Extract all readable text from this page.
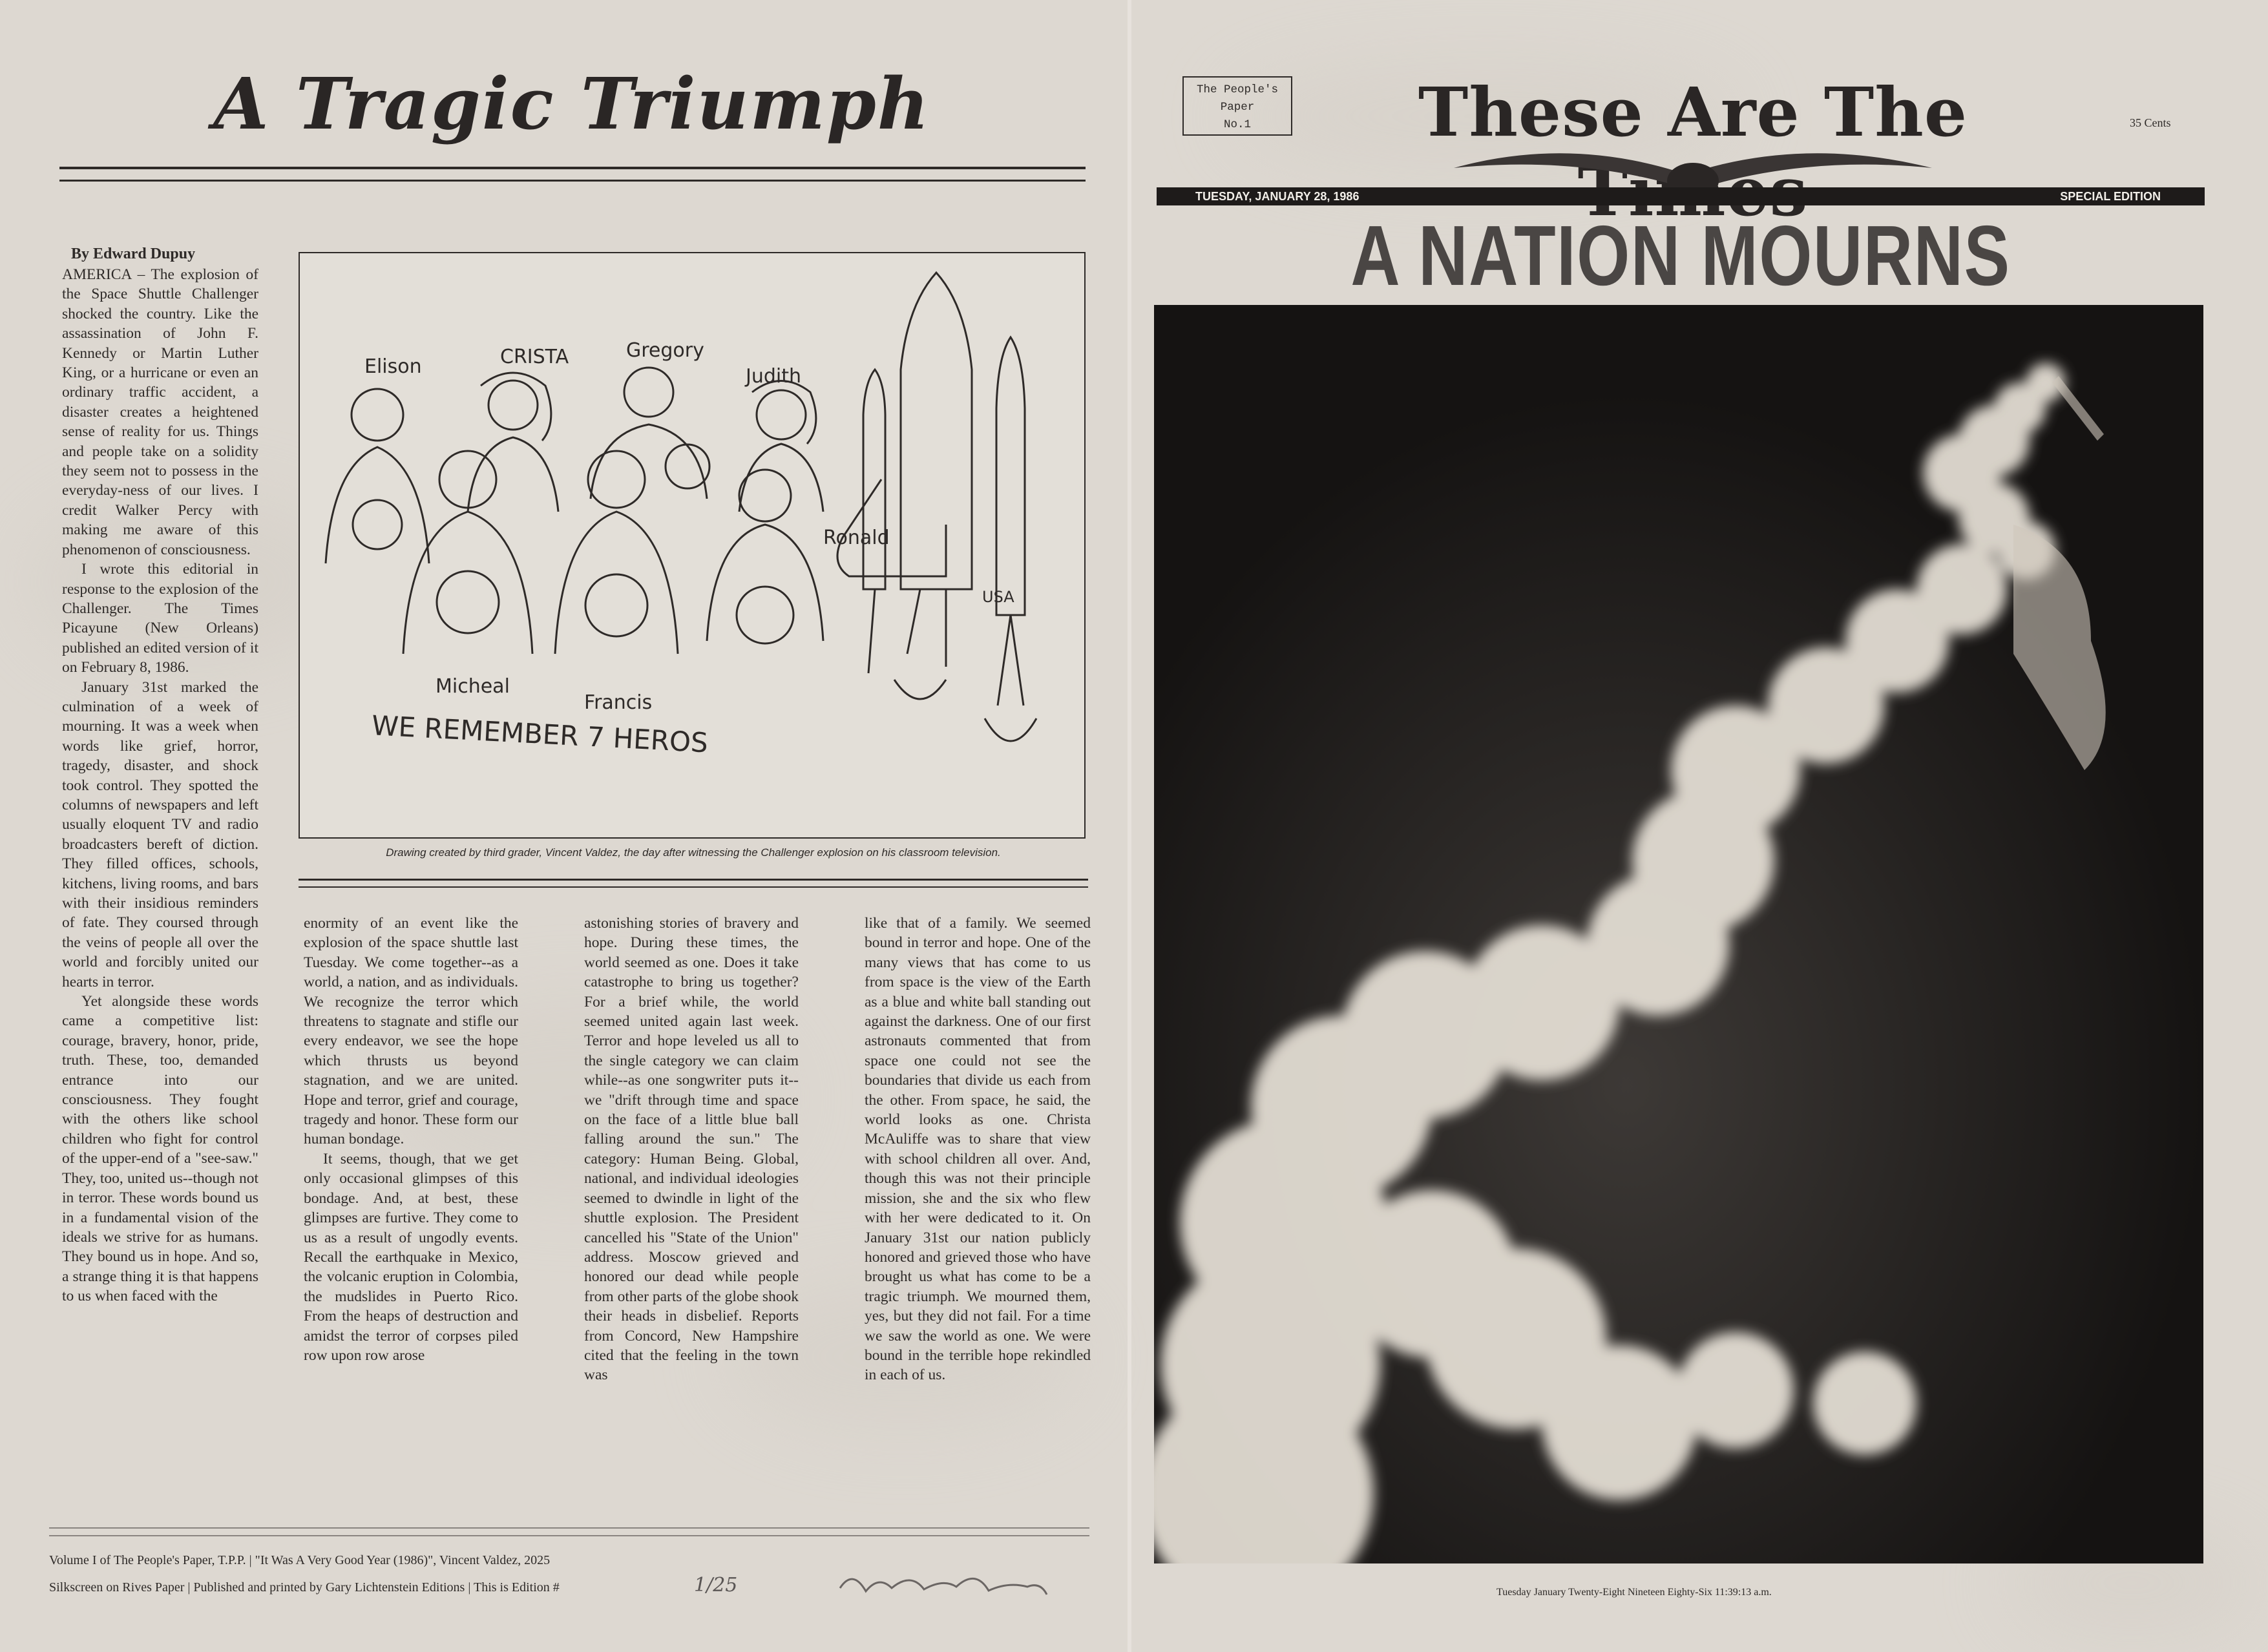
A Tragic Triumph
By Edward Dupuy

AMERICA – The explosion of the Space Shuttle Challenger shocked the country. Like the assassination of John F. Kennedy or Martin Luther King, or a hurricane or even an ordinary traffic accident, a disaster creates a heightened sense of reality for us. Things and people take on a solidity they seem not to possess in the everyday-ness of our lives. I credit Walker Percy with making me aware of this phenomenon of consciousness.

I wrote this editorial in response to the explosion of the Challenger. The Times Picayune (New Orleans) published an edited version of it on February 8, 1986.

January 31st marked the culmination of a week of mourning. It was a week when words like grief, horror, tragedy, disaster, and shock took control. They spotted the columns of newspapers and left usually eloquent TV and radio broadcasters bereft of diction. They filled offices, schools, kitchens, living rooms, and bars with their insidious reminders of fate. They coursed through the veins of people all over the world and forcibly united our hearts in terror.

Yet alongside these words came a competitive list: courage, bravery, honor, pride, truth. These, too, demanded entrance into our consciousness. They fought with the others like school children who fight for control of the upper-end of a "see-saw." They, too, united us--though not in terror. These words bound us in a fundamental vision of the ideals we strive for as humans. They bound us in hope. And so, a strange thing it is that happens to us when faced with the

Elison	CRISTA	Gregory
Judith
Ronald
Micheal
Francis
USA
WE REMEMBER 7 HEROS
Drawing created by third grader, Vincent Valdez, the day after witnessing the Challenger explosion on his classroom television.

enormity of an event like the explosion of the space shuttle last Tuesday. We come together--as a world, a nation, and as individuals. We recognize the terror which threatens to stagnate and stifle our every endeavor, we see the hope which thrusts us beyond stagnation, and we are united. Hope and terror, grief and courage, tragedy and honor. These form our human bondage.

It seems, though, that we get only occasional glimpses of this bondage. And, at best, these glimpses are furtive. They come to us as a result of ungodly events. Recall the earthquake in Mexico, the volcanic eruption in Colombia, the mudslides in Puerto Rico. From the heaps of destruction and amidst the terror of corpses piled row upon row arose

astonishing stories of bravery and hope. During these times, the world seemed as one. Does it take catastrophe to bring us together? For a brief while, the world seemed united again last week. Terror and hope leveled us all to the single category we can claim while--as one songwriter puts it--we "drift through time and space on the face of a little blue ball falling around the sun." The category: Human Being. Global, national, and individual ideologies seemed to dwindle in light of the shuttle explosion. The President cancelled his "State of the Union" address. Moscow grieved and honored our dead while people from other parts of the globe shook their heads in disbelief. Reports from Concord, New Hampshire cited that the feeling in the town was

like that of a family. We seemed bound in terror and hope. One of the many views that has come to us from space is the view of the Earth as a blue and white ball standing out against the darkness. One of our first astronauts commented that from space one could not see the boundaries that divide us each from the other. From space, he said, the world looks as one. Christa McAuliffe was to share that view with school children all over. And, though this was not their principle mission, she and the six who flew with her were dedicated to it. On January 31st our nation publicly honored and grieved those who have brought us what has come to be a tragic triumph. We mourned them, yes, but they did not fail. For a time we saw the world as one. We were bound in the terrible hope rekindled in each of us.

Volume I of The People's Paper, T.P.P. | "It Was A Very Good Year (1986)", Vincent Valdez, 2025
Silkscreen on Rives Paper | Published and printed by Gary Lichtenstein Editions | This is Edition #	1/25
The People's
Paper
No.1	These Are The	35 Cents
TUESDAY, JANUARY 28, 1986	SPECIAL EDITION
A NATION MOURNS
Tuesday January Twenty-Eight Nineteen Eighty-Six 11:39:13 a.m.
